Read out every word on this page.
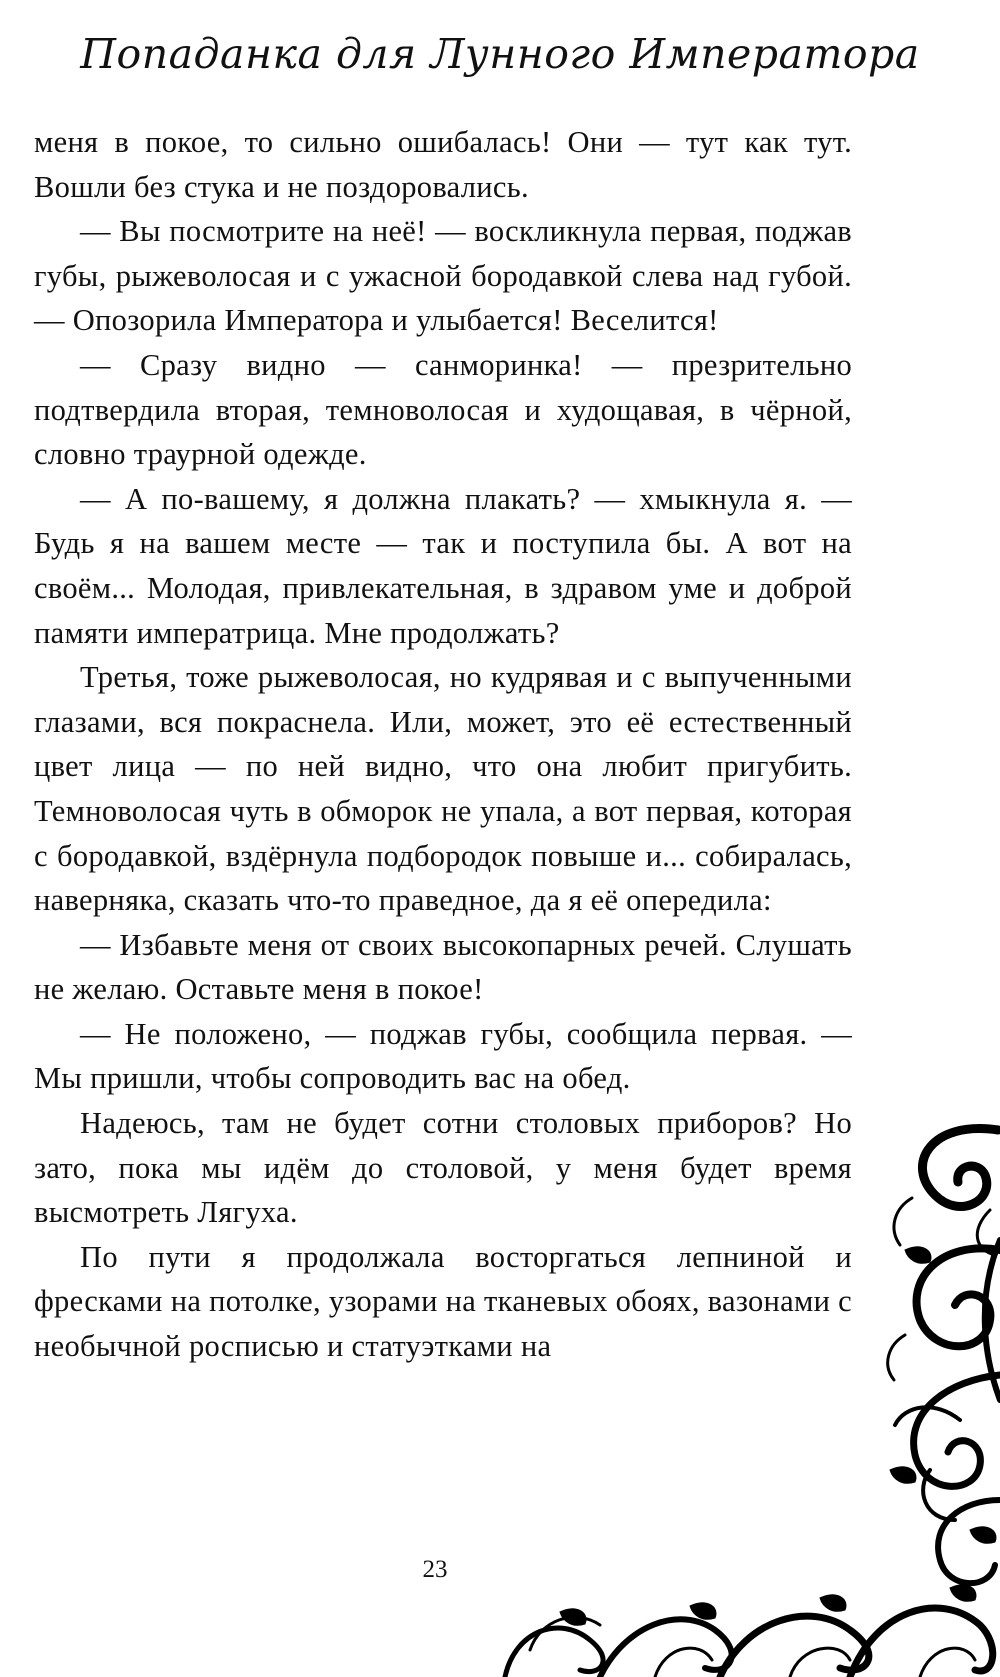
Попаданка для Лунного Императора

меня в покое, то сильно ошибалась! Они — тут как тут. Вошли без стука и не поздоровались.

— Вы посмотрите на неё! — воскликнула первая, поджав губы, рыжеволосая и с ужасной бородавкой слева над губой. — Опозорила Императора и улыбается! Веселится!

— Сразу видно — санморинка! — презрительно подтвердила вторая, темноволосая и худощавая, в чёрной, словно траурной одежде.

— А по-вашему, я должна плакать? — хмыкнула я. — Будь я на вашем месте — так и поступила бы. А вот на своём... Молодая, привлекательная, в здравом уме и доброй памяти императрица. Мне продолжать?

Третья, тоже рыжеволосая, но кудрявая и с выпученными глазами, вся покраснела. Или, может, это её естественный цвет лица — по ней видно, что она любит пригубить. Темноволосая чуть в обморок не упала, а вот первая, которая с бородавкой, вздёрнула подбородок повыше и... собиралась, наверняка, сказать что-то праведное, да я её опередила:

— Избавьте меня от своих высокопарных речей. Слушать не желаю. Оставьте меня в покое!

— Не положено, — поджав губы, сообщила первая. — Мы пришли, чтобы сопроводить вас на обед.

Надеюсь, там не будет сотни столовых приборов? Но зато, пока мы идём до столовой, у меня будет время высмотреть Лягуха.

По пути я продолжала восторгаться лепниной и фресками на потолке, узорами на тканевых обоях, вазонами с необычной росписью и статуэтками на

23
